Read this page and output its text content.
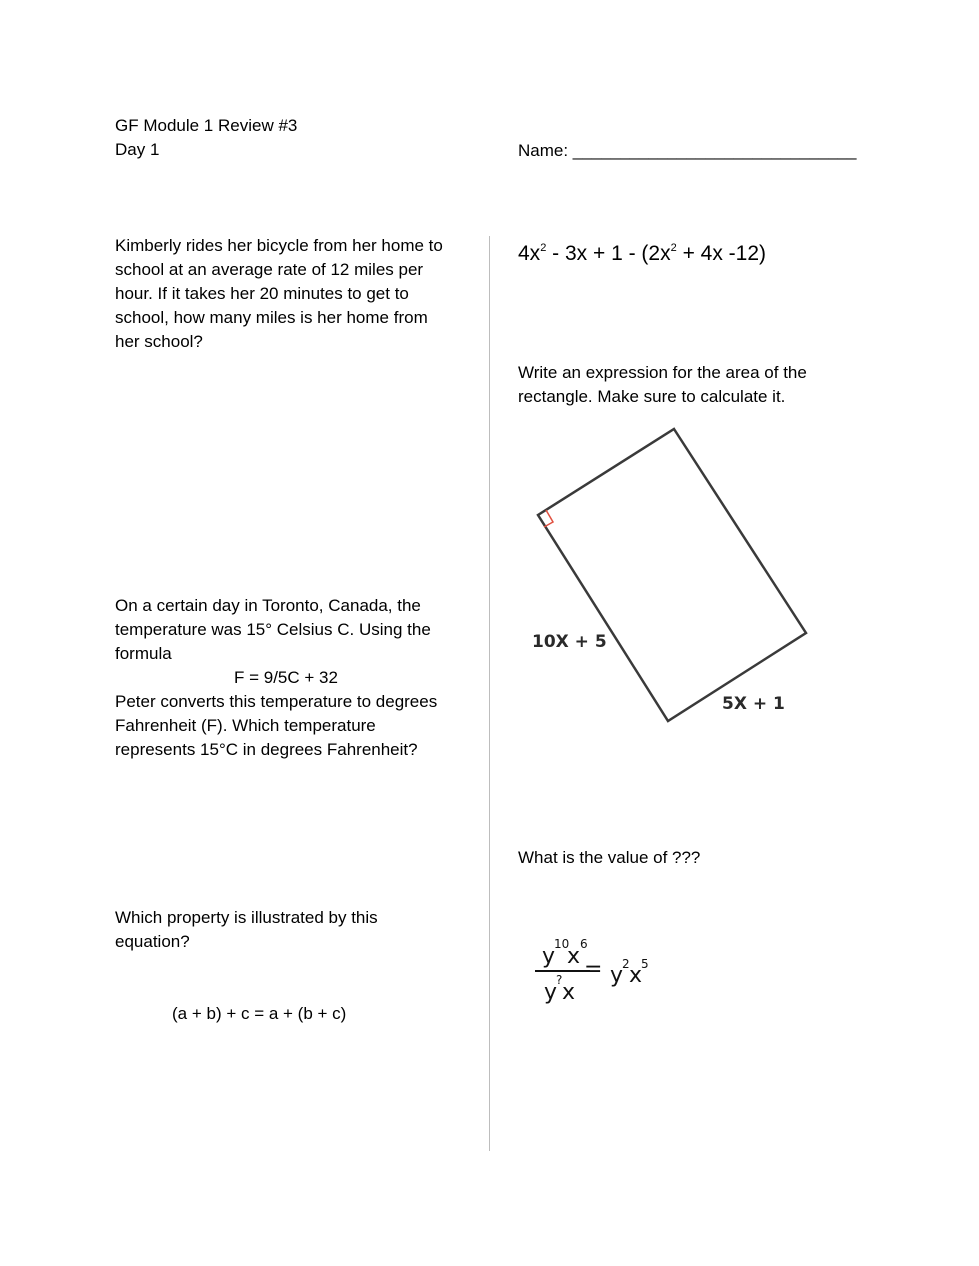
GF Module 1 Review #3
Day 1	Name: ______________________________
Kimberly rides her bicycle from her home to
school at an average rate of 12 miles per
hour. If it takes her 20 minutes to get to
school, how many miles is her home from
her school?
On a certain day in Toronto, Canada, the
temperature was 15° Celsius C. Using the
formula
F = 9/5C + 32
Peter converts this temperature to degrees
Fahrenheit (F). Which temperature
represents 15°C in degrees Fahrenheit?
Which property is illustrated by this
equation?
(a + b) + c = a + (b + c)
$4x^2 - 3x + 1 - (2x^2 + 4x$ -12)
Write an expression for the area of the
rectangle. Make sure to calculate it.
10X + 5
5X + 1
What is the value of ???
y
10
x 6
y
? x
= y
2 x
5
